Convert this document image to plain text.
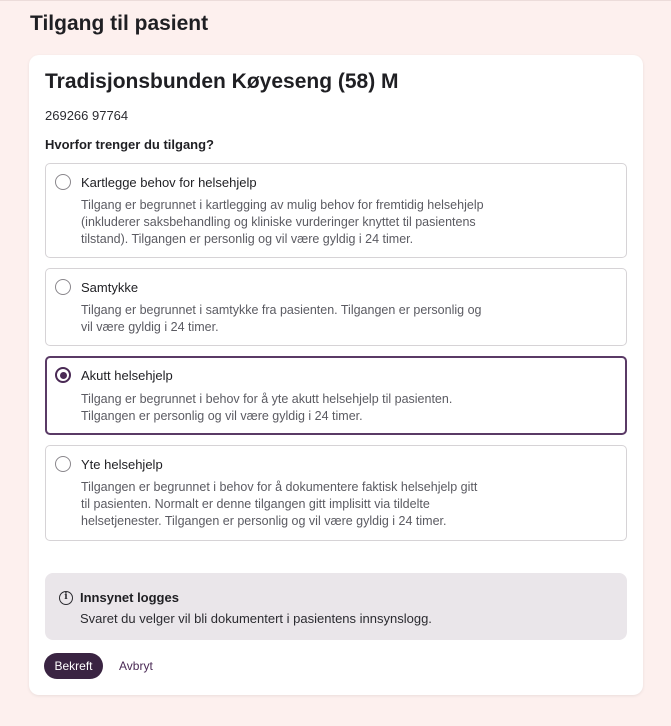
Tilgang til pasient
Tradisjonsbunden Køyeseng (58) M
269266 97764
Hvorfor trenger du tilgang?
Kartlegge behov for helsehjelp
Tilgang er begrunnet i kartlegging av mulig behov for fremtidig helsehjelp
(inkluderer saksbehandling og kliniske vurderinger knyttet til pasientens
tilstand). Tilgangen er personlig og vil være gyldig i 24 timer.
Samtykke
Tilgang er begrunnet i samtykke fra pasienten. Tilgangen er personlig og
vil være gyldig i 24 timer.
Akutt helsehjelp
Tilgang er begrunnet i behov for å yte akutt helsehjelp til pasienten.
Tilgangen er personlig og vil være gyldig i 24 timer.
Yte helsehjelp
Tilgangen er begrunnet i behov for å dokumentere faktisk helsehjelp gitt
til pasienten. Normalt er denne tilgangen gitt implisitt via tildelte
helsetjenester. Tilgangen er personlig og vil være gyldig i 24 timer.
i Innsynet logges
Svaret du velger vil bli dokumentert i pasientens innsynslogg.
Bekreft	Avbryt
